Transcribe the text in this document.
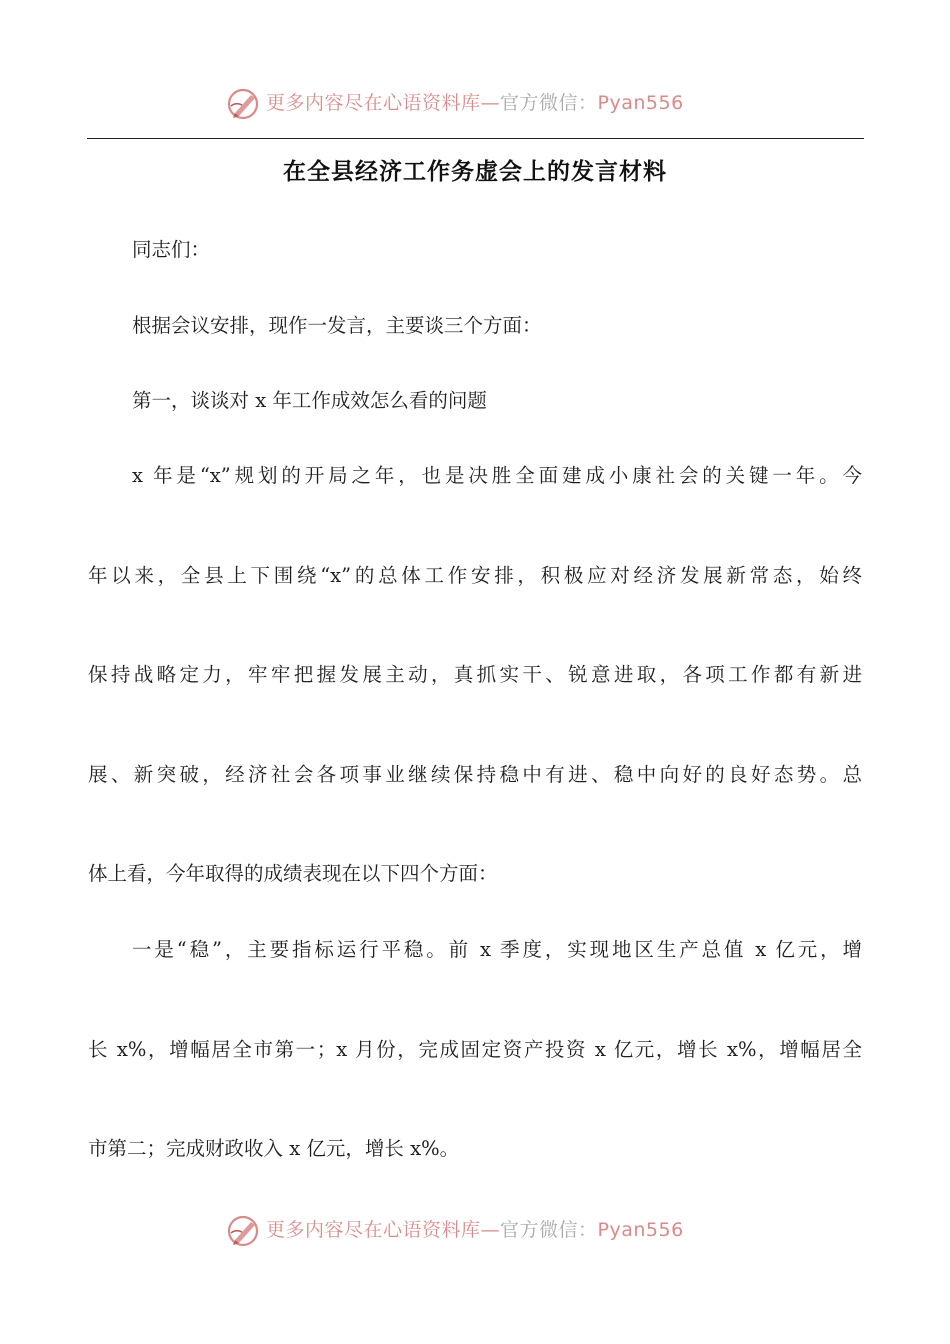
更多内容尽在心语资料库—官方微信：Pyan556
在全县经济工作务虚会上的发言材料
同志们：
根据会议安排，现作一发言，主要谈三个方面：
第一，谈谈对 x 年工作成效怎么看的问题
x 年是“x”规划的开局之年，也是决胜全面建成小康社会的关键一年。今
年以来，全县上下围绕“x”的总体工作安排，积极应对经济发展新常态，始终
保持战略定力，牢牢把握发展主动，真抓实干、锐意进取，各项工作都有新进
展、新突破，经济社会各项事业继续保持稳中有进、稳中向好的良好态势。总
体上看，今年取得的成绩表现在以下四个方面：
一是“稳”，主要指标运行平稳。前 x 季度，实现地区生产总值 x 亿元，增
长 x%，增幅居全市第一；x 月份，完成固定资产投资 x 亿元，增长 x%，增幅居全
市第二；完成财政收入 x 亿元，增长 x%。
更多内容尽在心语资料库—官方微信：Pyan556
